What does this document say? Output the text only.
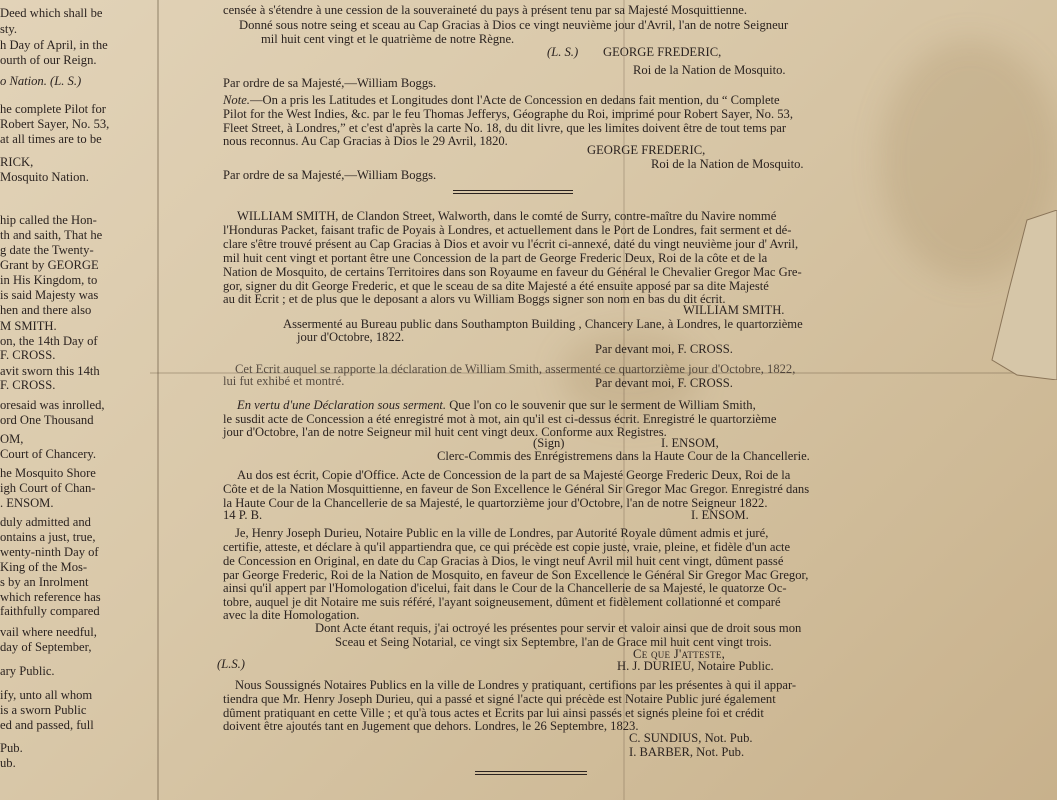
Deed which shall be
sty.
h Day of April, in the
ourth of our Reign.
o Nation. (L. S.)
he complete Pilot for
Robert Sayer, No. 53,
at all times are to be
RICK,
Mosquito Nation.
hip called the Hon-
th and saith, That he
g date the Twenty-
Grant by GEORGE
in His Kingdom, to
is said Majesty was
hen and there also
M SMITH.
on, the 14th Day of
F. CROSS.
avit sworn this 14th
F. CROSS.
oresaid was inrolled,
ord One Thousand
OM,
Court of Chancery.
he Mosquito Shore
igh Court of Chan-
. ENSOM.
duly admitted and
ontains a just, true,
wenty-ninth Day of
King of the Mos-
s by an Inrolment
which reference has
faithfully compared
vail where needful,
day of September,
ary Public.
ify, unto all whom
is a sworn Public
ed and passed, full
Pub.
ub.
censée à s'étendre à une cession de la souveraineté du pays à présent tenu par sa Majesté Mosquittienne.
Donné sous notre seing et sceau au Cap Gracias à Dios ce vingt neuvième jour d'Avril, l'an de notre Seigneur
mil huit cent vingt et le quatrième de notre Règne.
(L. S.) GEORGE FREDERIC,
Roi de la Nation de Mosquito.
Par ordre de sa Majesté,—William Boggs.
Note.—On a pris les Latitudes et Longitudes dont l'Acte de Concession en dedans fait mention, du “ Complete
Pilot for the West Indies, &c. par le feu Thomas Jefferys, Géographe du Roi, imprimé pour Robert Sayer, No. 53,
Fleet Street, à Londres,” et c'est d'après la carte No. 18, du dit livre, que les limites doivent être de tout tems par
nous reconnus. Au Cap Gracias à Dios le 29 Avril, 1820.
GEORGE FREDERIC,
Roi de la Nation de Mosquito.
Par ordre de sa Majesté,—William Boggs.
WILLIAM SMITH, de Clandon Street, Walworth, dans le comté de Surry, contre-maître du Navire nommé
l'Honduras Packet, faisant trafic de Poyais à Londres, et actuellement dans le Port de Londres, fait serment et dé-
clare s'être trouvé présent au Cap Gracias à Dios et avoir vu l'écrit ci-annexé, daté du vingt neuvième jour d' Avril,
mil huit cent vingt et portant être une Concession de la part de George Frederic Deux, Roi de la côte et de la
Nation de Mosquito, de certains Territoires dans son Royaume en faveur du Général le Chevalier Gregor Mac Gre-
gor, signer du dit George Frederic, et que le sceau de sa dite Majesté a été ensuite apposé par sa dite Majesté
au dit Ecrit ; et de plus que le deposant a alors vu William Boggs signer son nom en bas du dit écrit.
WILLIAM SMITH.
Assermenté au Bureau public dans Southampton Building , Chancery Lane, à Londres, le quartorzième
jour d'Octobre, 1822.
Par devant moi, F. CROSS.
Cet Ecrit auquel se rapporte la déclaration de William Smith, assermenté ce quartorzième jour d'Octobre, 1822,
lui fut exhibé et montré.	Par devant moi, F. CROSS.
En vertu d'une Déclaration sous serment. Que l'on co le souvenir que sur le serment de William Smith,
le susdit acte de Concession a été enregistré mot à mot, ain qu'il est ci-dessus écrit. Enregistré le quartorzième
jour d'Octobre, l'an de notre Seigneur mil huit cent vingt deux. Conforme aux Registres.
(Sign)	I. ENSOM,
Clerc-Commis des Enrégistremens dans la Haute Cour de la Chancellerie.
Au dos est écrit, Copie d'Office. Acte de Concession de la part de sa Majesté George Frederic Deux, Roi de la
Côte et de la Nation Mosquittienne, en faveur de Son Excellence le Général Sir Gregor Mac Gregor. Enregistré dans
la Haute Cour de la Chancellerie de sa Majesté, le quartorzième jour d'Octobre, l'an de notre Seigneur 1822.
14 P. B.	I. ENSOM.
Je, Henry Joseph Durieu, Notaire Public en la ville de Londres, par Autorité Royale dûment admis et juré,
certifie, atteste, et déclare à qu'il appartiendra que, ce qui précède est copie juste, vraie, pleine, et fidèle d'un acte
de Concession en Original, en date du Cap Gracias à Dios, le vingt neuf Avril mil huit cent vingt, dûment passé
par George Frederic, Roi de la Nation de Mosquito, en faveur de Son Excellence le Général Sir Gregor Mac Gregor,
ainsi qu'il appert par l'Homologation d'icelui, fait dans le Cour de la Chancellerie de sa Majesté, le quatorze Oc-
tobre, auquel je dit Notaire me suis référé, l'ayant soigneusement, dûment et fidèlement collationné et comparé
avec la dite Homologation.
Dont Acte étant requis, j'ai octroyé les présentes pour servir et valoir ainsi que de droit sous mon
Sceau et Seing Notarial, ce vingt six Septembre, l'an de Grace mil huit cent vingt trois.
Ce que J'atteste,
(L.S.)	H. J. DURIEU, Notaire Public.
Nous Soussignés Notaires Publics en la ville de Londres y pratiquant, certifions par les présentes à qui il appar-
tiendra que Mr. Henry Joseph Durieu, qui a passé et signé l'acte qui précède est Notaire Public juré également
dûment pratiquant en cette Ville ; et qu'à tous actes et Ecrits par lui ainsi passés et signés pleine foi et crédit
doivent être ajoutés tant en Jugement que dehors. Londres, le 26 Septembre, 1823.
C. SUNDIUS, Not. Pub.
I. BARBER, Not. Pub.
